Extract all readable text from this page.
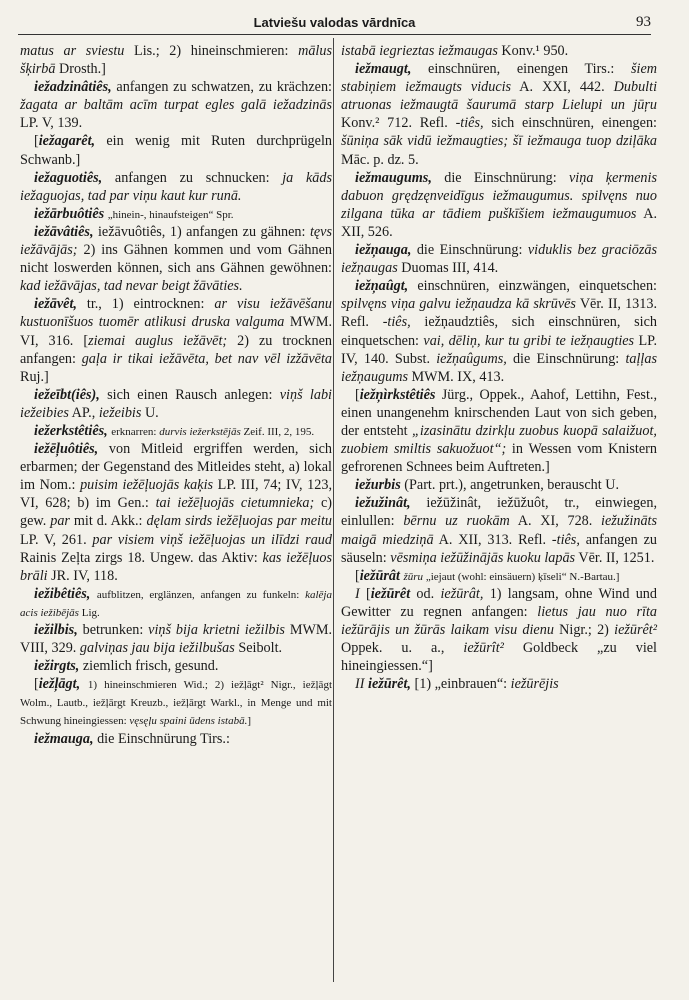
Latviešu valodas vārdnīca	93

matus ar sviestu Lis.; 2) hineinschmieren: mālus šķirbā Drosth.]

iežadzinâtiês, anfangen zu schwatzen, zu krächzen: žagata ar baltām acīm turpat egles galā iežadzinās LP. V, 139.

[iežagarêt, ein wenig mit Ruten durchprügeln Schwanb.]

iežaguotiês, anfangen zu schnucken: ja kāds iežaguojas, tad par viņu kaut kur runā.

iežārbuôtiês „hinein-, hinaufsteigen“ Spr.

iežāvâtiês, iežāvuôtiês, 1) anfangen zu gähnen: tęvs iežāvājās; 2) ins Gähnen kommen und vom Gähnen nicht loswerden können, sich ans Gähnen gewöhnen: kad iežāvājas, tad nevar beigt žāvāties.

iežāvêt, tr., 1) eintrocknen: ar visu iežāvēšanu kustuonīšuos tuomēr atlikusi druska valguma MWM. VI, 316. [ziemai auglus iežāvēt; 2) zu trocknen anfangen: gaļa ir tikai iežāvēta, bet nav vēl izžāvēta Ruj.]

iežeībt(iês), sich einen Rausch anlegen: viņš labi iežeibies AP., iežeibis U.

iežerkstêtiês, erknarren: durvis iežerkstējās Zeif. III, 2, 195.

iežēļuôtiês, von Mitleid ergriffen werden, sich erbarmen; der Gegenstand des Mitleides steht, a) lokal im Nom.: puisim iežēļuojās kaķis LP. III, 74; IV, 123, VI, 628; b) im Gen.: tai iežēļuojās cietumnieka; c) gew. par mit d. Akk.: dęlam sirds iežēļuojas par meitu LP. V, 261. par visiem viņš iežēļuojas un ilīdzi raud Rainis Zeļta zirgs 18. Ungew. das Aktiv: kas iežēļuos brāli JR. IV, 118.

iežibêtiês, aufblitzen, erglänzen, anfangen zu funkeln: kalēja acis iežibējās Lig.

iežilbis, betrunken: viņš bija krietni iežilbis MWM. VIII, 329. galviņas jau bija iežilbušas Seibolt.

iežirgts, ziemlich frisch, gesund.

[iežļāgt, 1) hineinschmieren Wid.; 2) iežļāgt² Nigr., iežļāgt Wolm., Lautb., iežļārgt Kreuzb., iežļārgt Warkl., in Menge und mit Schwung hineingiessen: vęsęļu spaini ūdens istabā.]

iežmauga, die Einschnürung Tirs.:

istabā iegrieztas iežmaugas Konv.¹ 950.

iežmaugt, einschnüren, einengen Tirs.: šiem stabiņiem iežmaugts viducis A. XXI, 442. Dubulti atruonas iežmaugtā šaurumā starp Lielupi un jūŗu Konv.² 712. Refl. -tiês, sich einschnüren, einengen: šūniņa sāk vidū iežmaugties; šī iežmauga tuop dziļāka Māc. p. dz. 5.

iežmaugums, die Einschnürung: viņa ķermenis dabuon grędzęnveidīgus iežmaugumus. spilvęns nuo zilgana tūka ar tādiem puškīšiem iežmaugumuos A. XII, 526.

iežņauga, die Einschnürung: viduklis bez graciōzās iežņaugas Duomas III, 414.

iežņaûgt, einschnüren, einzwängen, einquetschen: spilvęns viņa galvu iežņaudza kā skrūvēs Vēr. II, 1313. Refl. -tiês, iežņaudztiês, sich einschnüren, sich einquetschen: vai, dēliņ, kur tu gribi te iežņaugties LP. IV, 140. Subst. iežņaûgums, die Einschnürung: taļļas iežņaugums MWM. IX, 413.

[iežņìrkstêtiês Jürg., Oppek., Aahof, Lettihn, Fest., einen unangenehm knirschenden Laut von sich geben, der entsteht „izasinātu dzirkļu zuobus kuopā salaižuot, zuobiem smiltis sakuožuot“; in Wessen vom Knistern gefrorenen Schnees beim Auftreten.]

iežurbis (Part. prt.), angetrunken, berauscht U.

iežužinât, iežūžinât, iežūžuôt, tr., einwiegen, einlullen: bērnu uz ruokām A. XI, 728. iežužināts maigā miedziņā A. XII, 313. Refl. -tiês, anfangen zu säuseln: vēsmiņa iežūžinājās kuoku lapās Vēr. II, 1251.

[iežūrât žūru „iejaut (wohl: einsäuern) ķīseli“ N.-Bartau.]

I [iežūrêt od. iežūrât, 1) langsam, ohne Wind und Gewitter zu regnen anfangen: lietus jau nuo rīta iežūrājis un žūrās laikam visu dienu Nigr.; 2) iežūrêt² Oppek. u. a., iežūrît² Goldbeck „zu viel hineingiessen.“]

II iežūrêt, [1) „einbrauen“: iežūrējis
